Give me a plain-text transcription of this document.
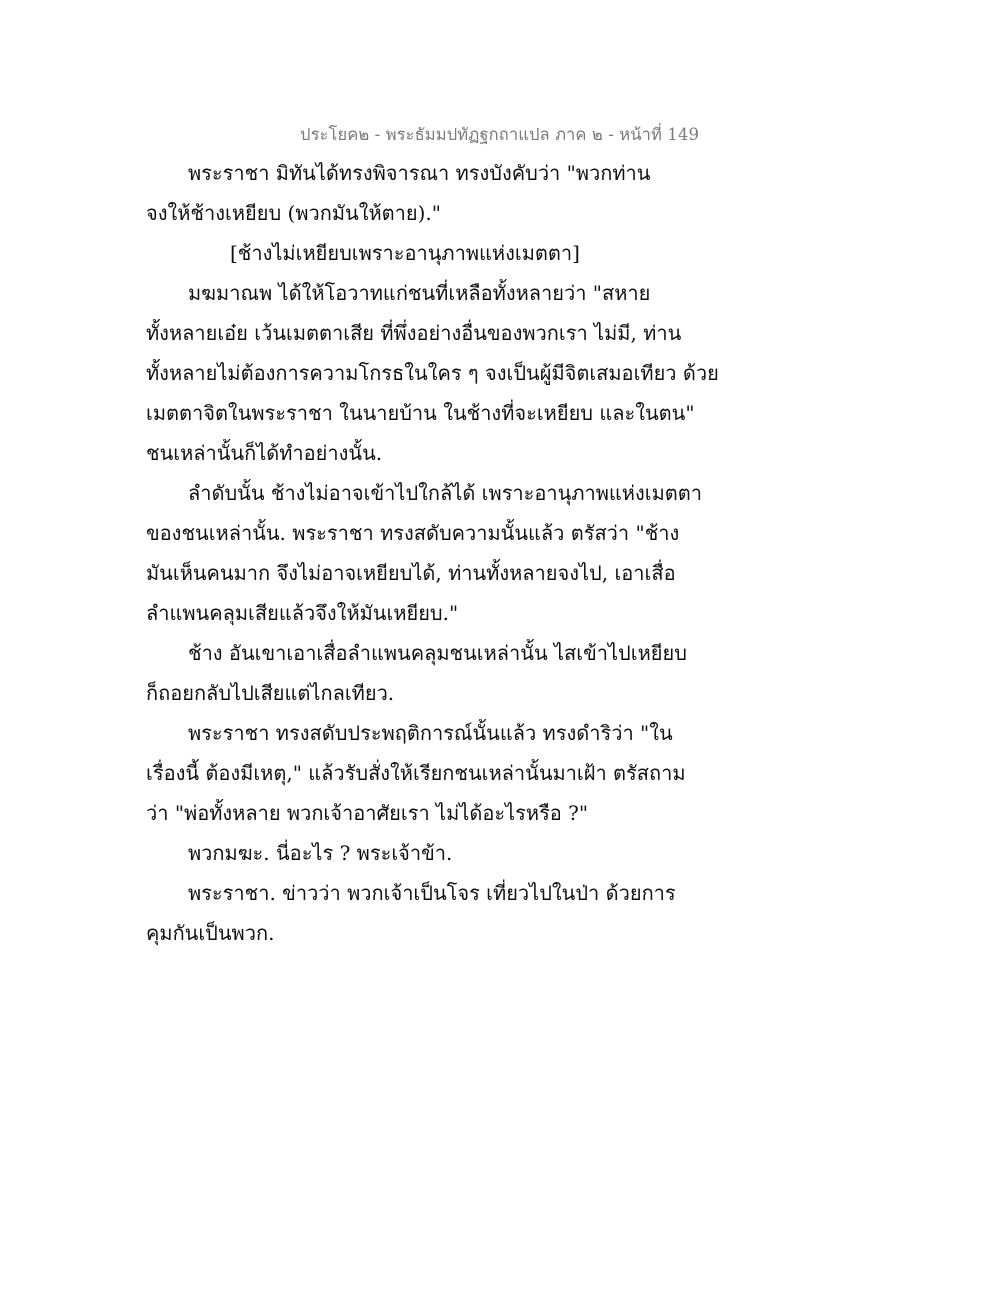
ประโยค๒ - พระธัมมปทัฏฐกถาแปล ภาค ๒ - หน้าที่ 149
พระราชา มิทันได้ทรงพิจารณา ทรงบังคับว่า "พวกท่าน
จงให้ช้างเหยียบ (พวกมันให้ตาย)."
[ช้างไม่เหยียบเพราะอานุภาพแห่งเมตตา]
มฆมาณพ ได้ให้โอวาทแก่ชนที่เหลือทั้งหลายว่า "สหาย
ทั้งหลายเอ๋ย เว้นเมตตาเสีย ที่พึ่งอย่างอื่นของพวกเรา ไม่มี, ท่าน
ทั้งหลายไม่ต้องการความโกรธในใคร ๆ จงเป็นผู้มีจิตเสมอเทียว ด้วย
เมตตาจิตในพระราชา ในนายบ้าน ในช้างที่จะเหยียบ และในตน"
ชนเหล่านั้นก็ได้ทำอย่างนั้น.
ลำดับนั้น ช้างไม่อาจเข้าไปใกล้ได้ เพราะอานุภาพแห่งเมตตา
ของชนเหล่านั้น. พระราชา ทรงสดับความนั้นแล้ว ตรัสว่า "ช้าง
มันเห็นคนมาก จึงไม่อาจเหยียบได้, ท่านทั้งหลายจงไป, เอาเสื่อ
ลำแพนคลุมเสียแล้วจึงให้มันเหยียบ."
ช้าง อันเขาเอาเสื่อลำแพนคลุมชนเหล่านั้น ไสเข้าไปเหยียบ
ก็ถอยกลับไปเสียแต่ไกลเทียว.
พระราชา ทรงสดับประพฤติการณ์นั้นแล้ว ทรงดำริว่า "ใน
เรื่องนี้ ต้องมีเหตุ," แล้วรับสั่งให้เรียกชนเหล่านั้นมาเฝ้า ตรัสถาม
ว่า "พ่อทั้งหลาย พวกเจ้าอาศัยเรา ไม่ได้อะไรหรือ ?"
พวกมฆะ. นี่อะไร ? พระเจ้าข้า.
พระราชา. ข่าวว่า พวกเจ้าเป็นโจร เที่ยวไปในป่า ด้วยการ
คุมกันเป็นพวก.
